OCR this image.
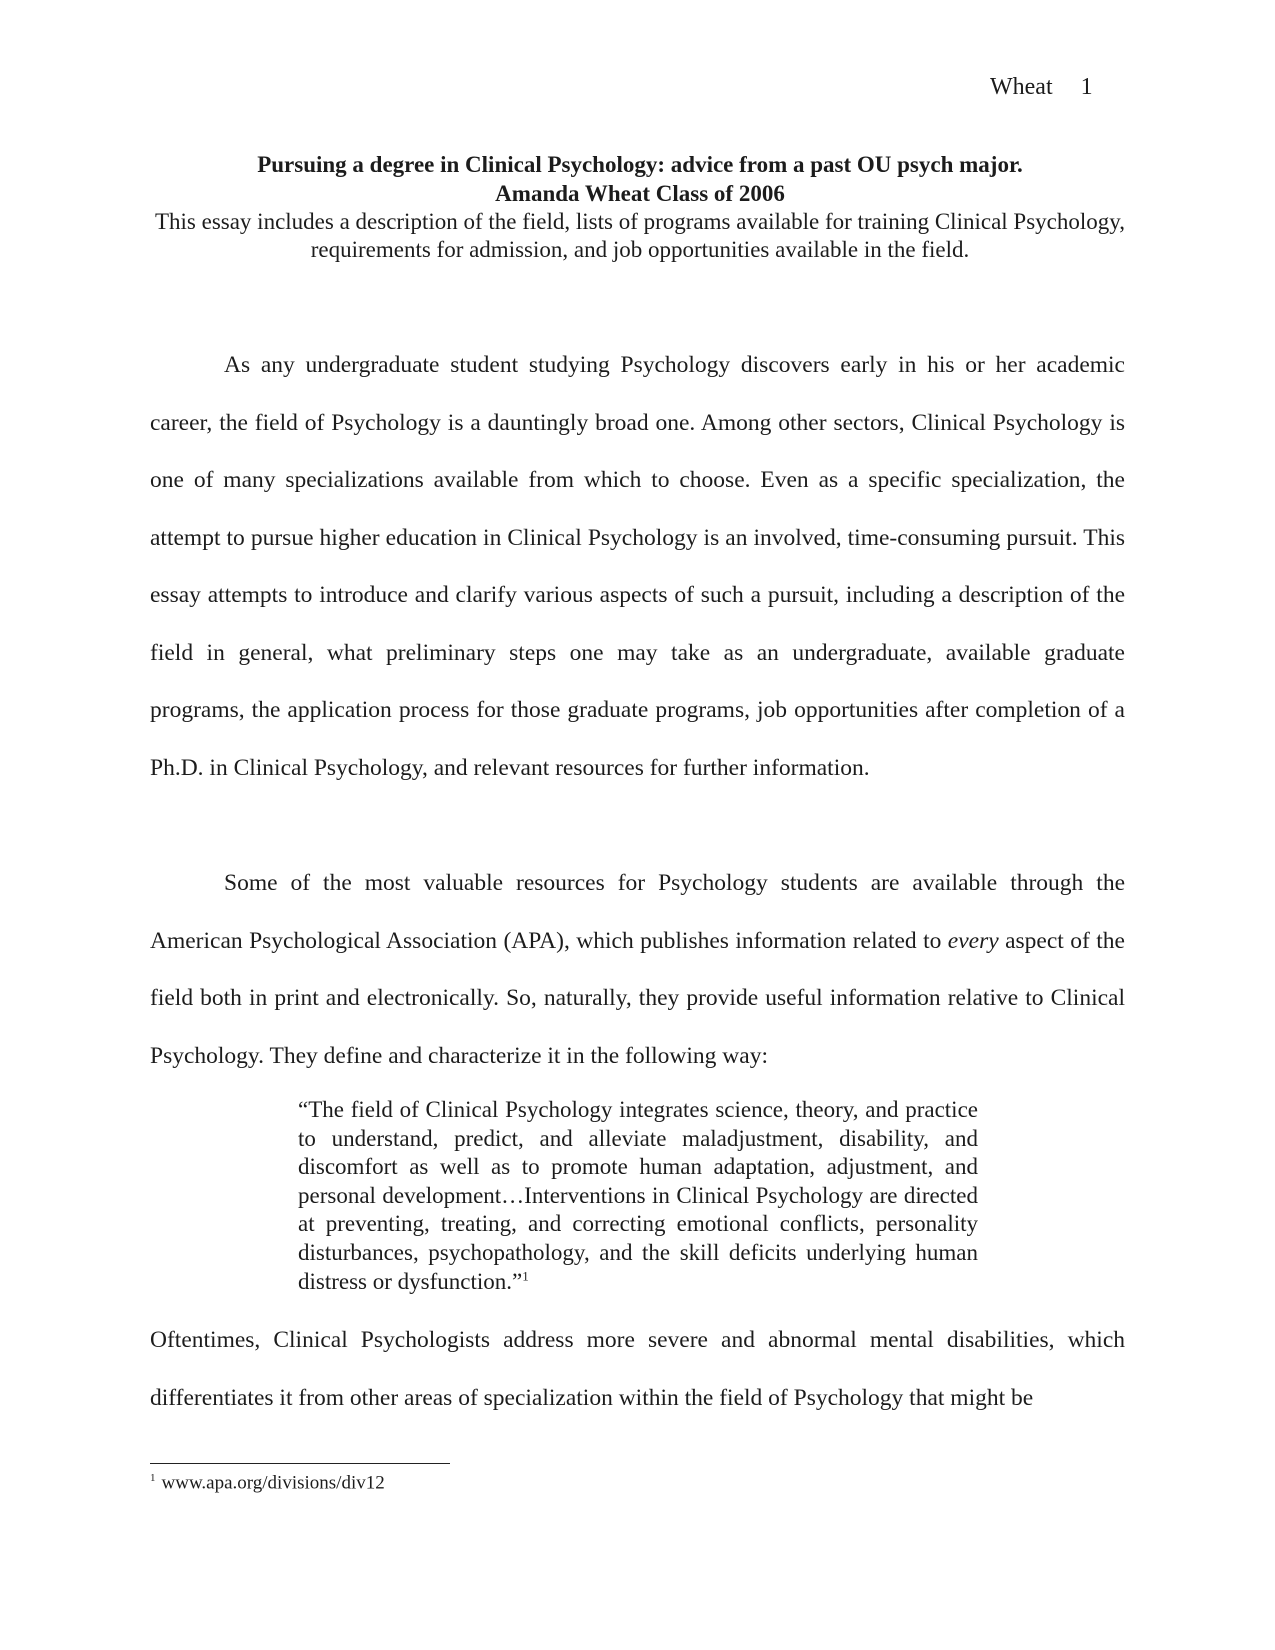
Wheat 1
Pursuing a degree in Clinical Psychology: advice from a past OU psych major.
Amanda Wheat Class of 2006
This essay includes a description of the field, lists of programs available for training Clinical Psychology, requirements for admission, and job opportunities available in the field.

As any undergraduate student studying Psychology discovers early in his or her academic career, the field of Psychology is a dauntingly broad one. Among other sectors, Clinical Psychology is one of many specializations available from which to choose. Even as a specific specialization, the attempt to pursue higher education in Clinical Psychology is an involved, time-consuming pursuit. This essay attempts to introduce and clarify various aspects of such a pursuit, including a description of the field in general, what preliminary steps one may take as an undergraduate, available graduate programs, the application process for those graduate programs, job opportunities after completion of a Ph.D. in Clinical Psychology, and relevant resources for further information.

Some of the most valuable resources for Psychology students are available through the American Psychological Association (APA), which publishes information related to every aspect of the field both in print and electronically. So, naturally, they provide useful information relative to Clinical Psychology. They define and characterize it in the following way:

“The field of Clinical Psychology integrates science, theory, and practice to understand, predict, and alleviate maladjustment, disability, and discomfort as well as to promote human adaptation, adjustment, and personal development…Interventions in Clinical Psychology are directed at preventing, treating, and correcting emotional conflicts, personality disturbances, psychopathology, and the skill deficits underlying human distress or dysfunction.”$^1$

Oftentimes, Clinical Psychologists address more severe and abnormal mental disabilities, which differentiates it from other areas of specialization within the field of Psychology that might be

$^1$ www.apa.org/divisions/div12
